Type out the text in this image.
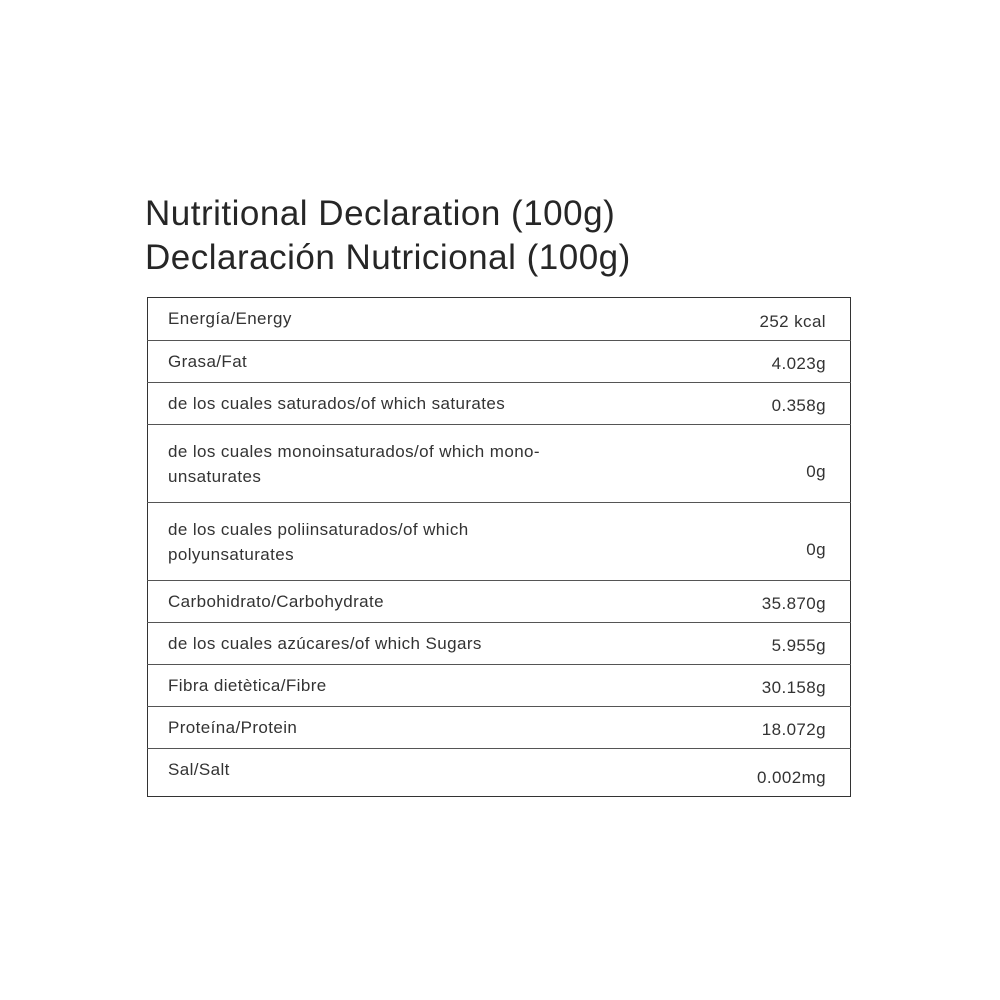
Nutritional Declaration (100g)
Declaración Nutricional (100g)
Energía/Energy	252 kcal
Grasa/Fat	4.023g
de los cuales saturados/of which saturates	0.358g

de los cuales monoinsaturados/of which mono-unsaturates	0g

de los cuales poliinsaturados/of which polyunsaturates	0g
Carbohidrato/Carbohydrate	35.870g
de los cuales azúcares/of which Sugars	5.955g
Fibra dietètica/Fibre	30.158g
Proteína/Protein	18.072g
Sal/Salt	0.002mg
